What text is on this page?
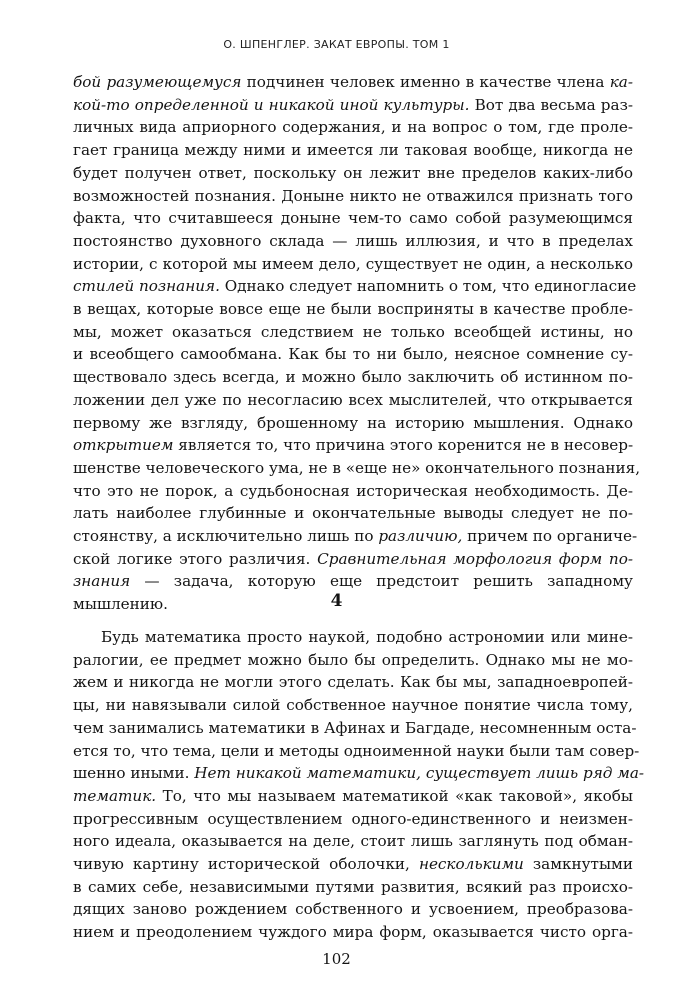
О. ШПЕНГЛЕР. ЗАКАТ ЕВРОПЫ. ТОМ 1
бой разумеющемуся подчинен человек именно в качестве члена ка-
кой-то определенной и никакой иной культуры. Вот два весьма раз-
личных вида априорного содержания, и на вопрос о том, где проле-
гает граница между ними и имеется ли таковая вообще, никогда не
будет получен ответ, поскольку он лежит вне пределов каких-либо
возможностей познания. Доныне никто не отважился признать того
факта, что считавшееся доныне чем-то само собой разумеющимся
постоянство духовного склада — лишь иллюзия, и что в пределах
истории, с которой мы имеем дело, существует не один, а несколько
стилей познания. Однако следует напомнить о том, что единогласие
в вещах, которые вовсе еще не были восприняты в качестве пробле-
мы, может оказаться следствием не только всеобщей истины, но
и всеобщего самообмана. Как бы то ни было, неясное сомнение су-
ществовало здесь всегда, и можно было заключить об истинном по-
ложении дел уже по несогласию всех мыслителей, что открывается
первому же взгляду, брошенному на историю мышления. Однако
открытием является то, что причина этого коренится не в несовер-
шенстве человеческого ума, не в «еще не» окончательного познания,
что это не порок, а судьбоносная историческая необходимость. Де-
лать наиболее глубинные и окончательные выводы следует не по-
стоянству, а исключительно лишь по различию, причем по органиче-
ской логике этого различия. Сравнительная морфология форм по-
знания — задача, которую еще предстоит решить западному
мышлению.	4
Будь математика просто наукой, подобно астрономии или мине-
ралогии, ее предмет можно было бы определить. Однако мы не мо-
жем и никогда не могли этого сделать. Как бы мы, западноевропей-
цы, ни навязывали силой собственное научное понятие числа тому,
чем занимались математики в Афинах и Багдаде, несомненным оста-
ется то, что тема, цели и методы одноименной науки были там совер-
шенно иными. Нет никакой математики, существует лишь ряд ма-
тематик. То, что мы называем математикой «как таковой», якобы
прогрессивным осуществлением одного-единственного и неизмен-
ного идеала, оказывается на деле, стоит лишь заглянуть под обман-
чивую картину исторической оболочки, несколькими замкнутыми
в самих себе, независимыми путями развития, всякий раз происхо-
дящих заново рождением собственного и усвоением, преобразова-
нием и преодолением чуждого мира форм, оказывается чисто орга-
102
